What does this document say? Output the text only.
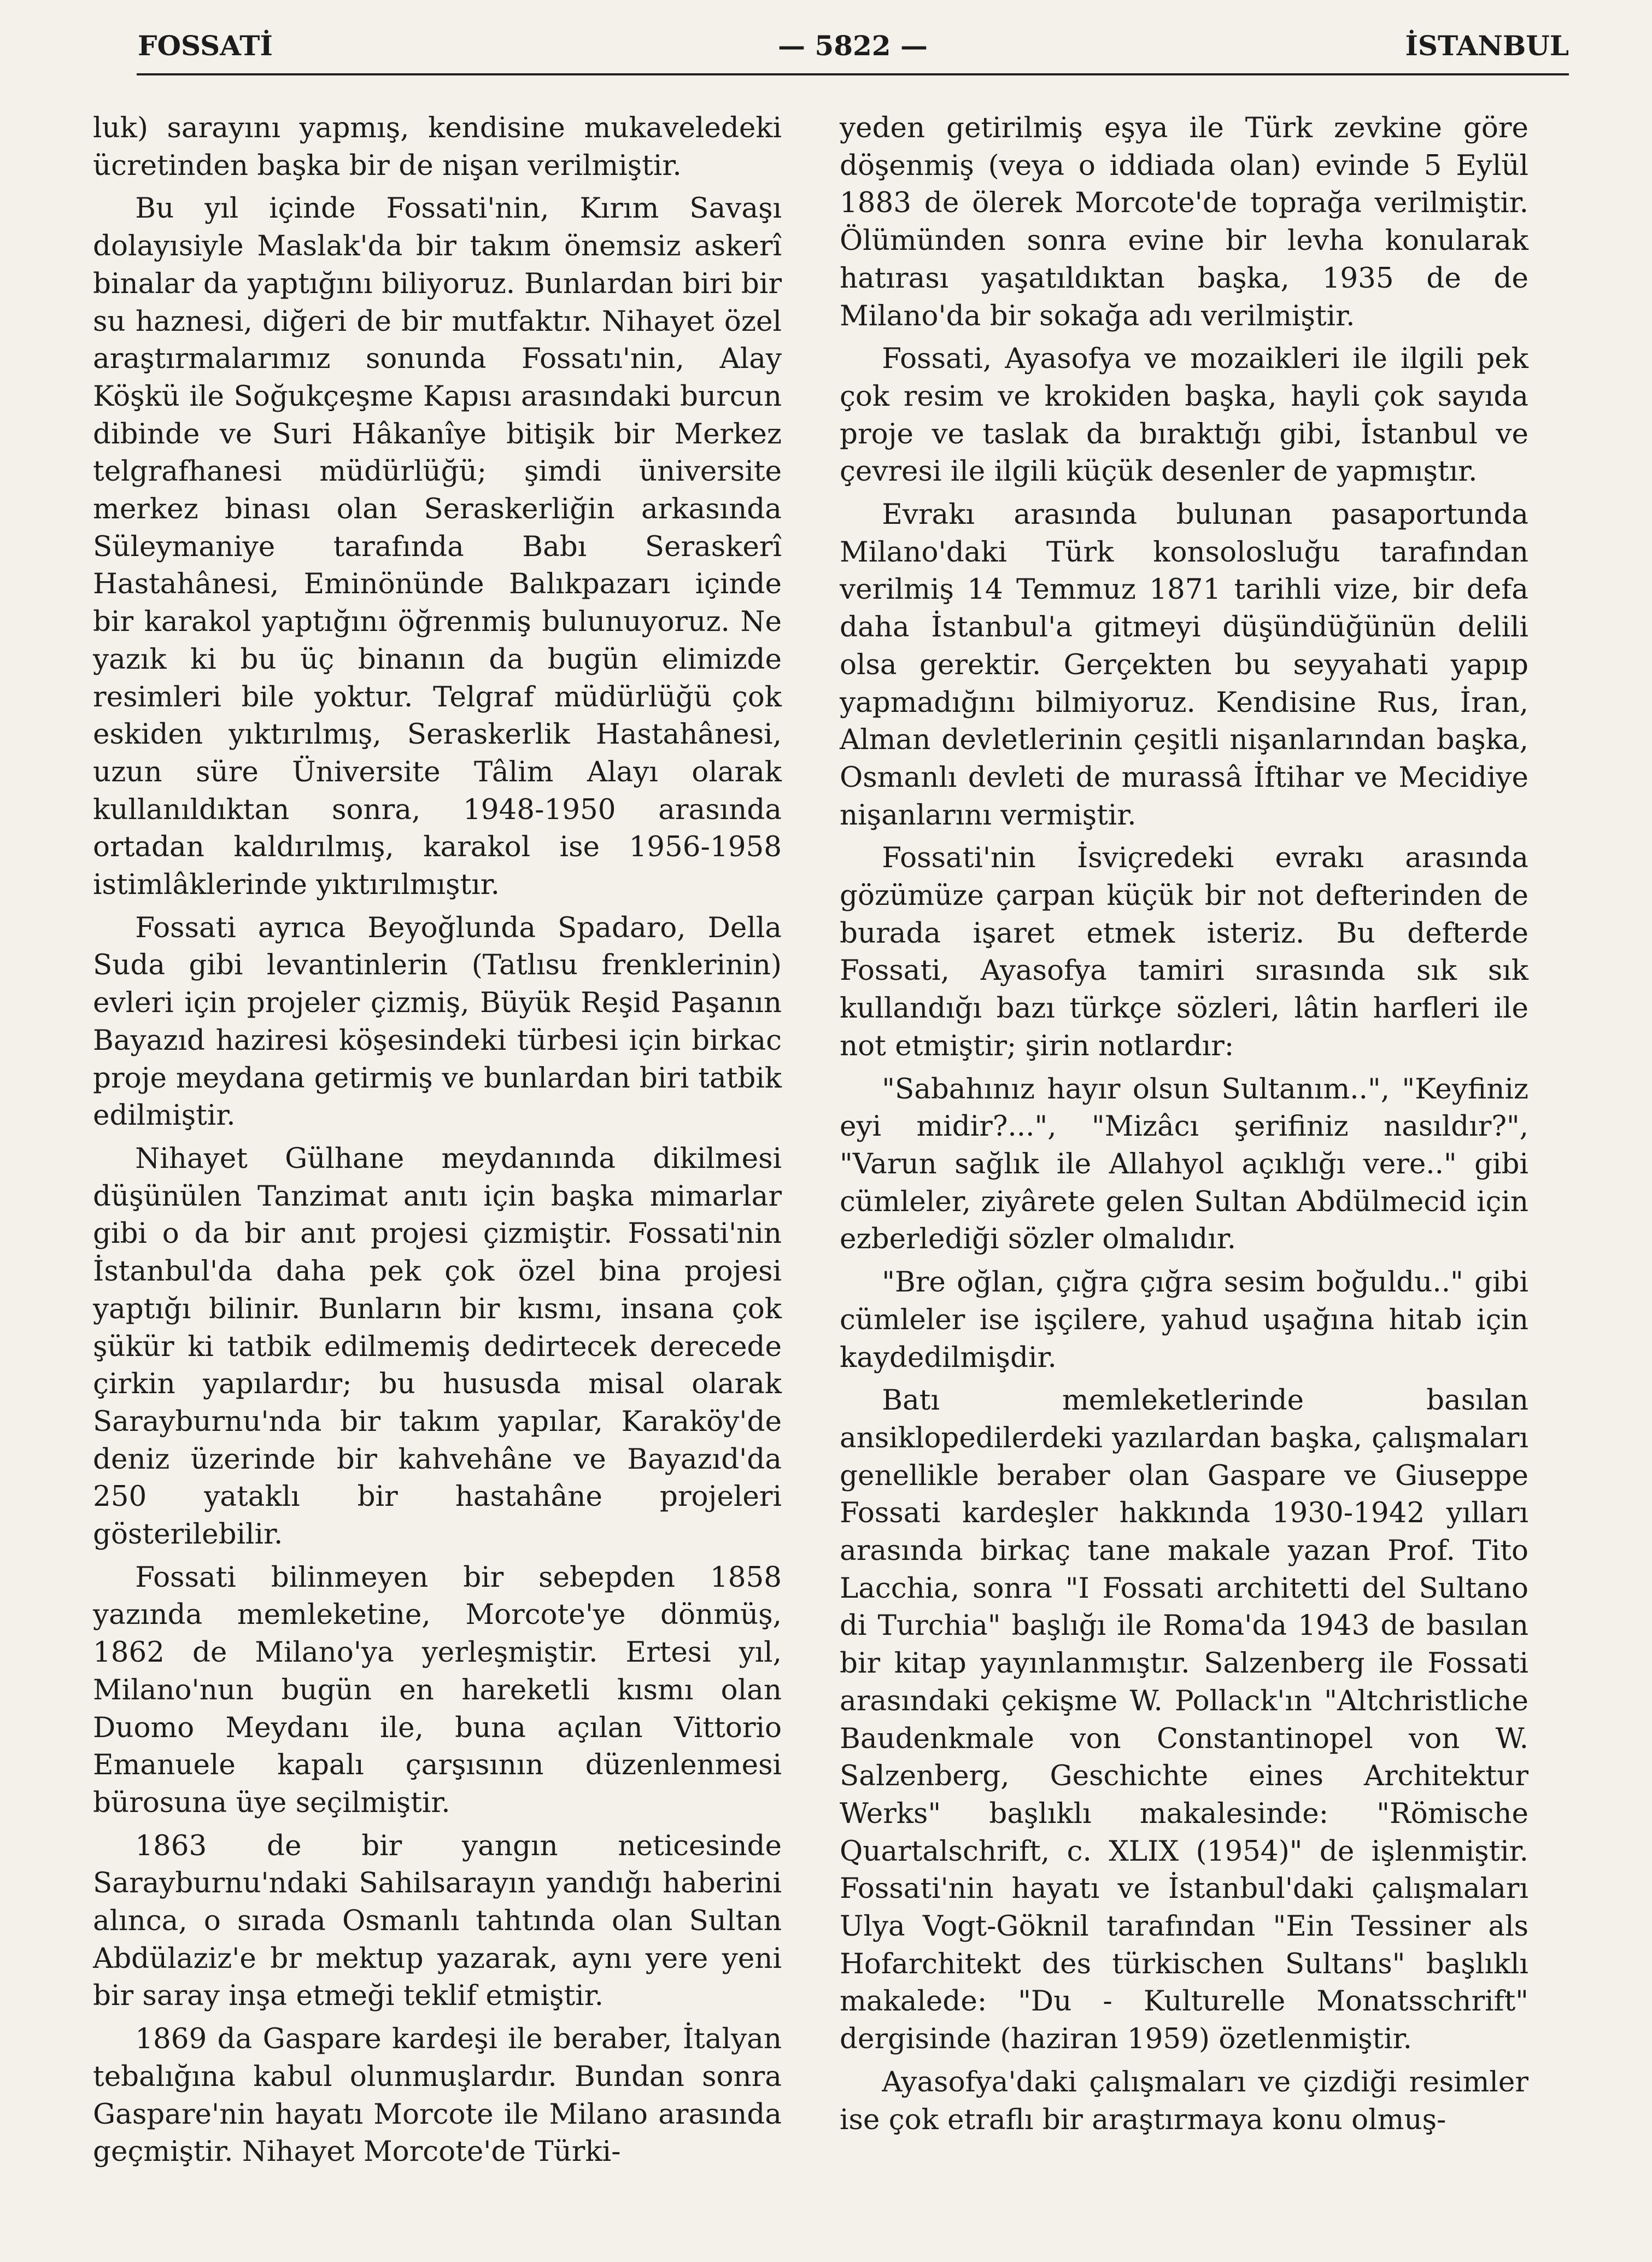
FOSSATİ	— 5822 —	İSTANBUL

luk) sarayını yapmış, kendisine mukaveledeki ücretinden başka bir de nişan verilmiştir.

Bu yıl içinde Fossati'nin, Kırım Savaşı dolayısiyle Maslak'da bir takım önemsiz askerî binalar da yaptığını biliyoruz. Bunlardan biri bir su haznesi, diğeri de bir mutfaktır. Nihayet özel araştırmalarımız sonunda Fossatı'nin, Alay Köşkü ile Soğukçeşme Kapısı arasındaki burcun dibinde ve Suri Hâkanîye bitişik bir Merkez telgrafhanesi müdürlüğü; şimdi üniversite merkez binası olan Seraskerliğin arkasında Süleymaniye tarafında Babı Seraskerî Hastahânesi, Eminönünde Balıkpazarı içinde bir karakol yaptığını öğrenmiş bulunuyoruz. Ne yazık ki bu üç binanın da bugün elimizde resimleri bile yoktur. Telgraf müdürlüğü çok eskiden yıktırılmış, Seraskerlik Hastahânesi, uzun süre Üniversite Tâlim Alayı olarak kullanıldıktan sonra, 1948-1950 arasında ortadan kaldırılmış, karakol ise 1956-1958 istimlâklerinde yıktırılmıştır.

Fossati ayrıca Beyoğlunda Spadaro, Della Suda gibi levantinlerin (Tatlısu frenklerinin) evleri için projeler çizmiş, Büyük Reşid Paşanın Bayazıd haziresi köşesindeki türbesi için birkac proje meydana getirmiş ve bunlardan biri tatbik edilmiştir.

Nihayet Gülhane meydanında dikilmesi düşünülen Tanzimat anıtı için başka mimarlar gibi o da bir anıt projesi çizmiştir. Fossati'nin İstanbul'da daha pek çok özel bina projesi yaptığı bilinir. Bunların bir kısmı, insana çok şükür ki tatbik edilmemiş dedirtecek derecede çirkin yapılardır; bu hususda misal olarak Sarayburnu'nda bir takım yapılar, Karaköy'de deniz üzerinde bir kahvehâne ve Bayazıd'da 250 yataklı bir hastahâne projeleri gösterilebilir.

Fossati bilinmeyen bir sebepden 1858 yazında memleketine, Morcote'ye dönmüş, 1862 de Milano'ya yerleşmiştir. Ertesi yıl, Milano'nun bugün en hareketli kısmı olan Duomo Meydanı ile, buna açılan Vittorio Emanuele kapalı çarşısının düzenlenmesi bürosuna üye seçilmiştir.

1863 de bir yangın neticesinde Sarayburnu'ndaki Sahilsarayın yandığı haberini alınca, o sırada Osmanlı tahtında olan Sultan Abdülaziz'e br mektup yazarak, aynı yere yeni bir saray inşa etmeği teklif etmiştir.

1869 da Gaspare kardeşi ile beraber, İtalyan tebalığına kabul olunmuşlardır. Bundan sonra Gaspare'nin hayatı Morcote ile Milano arasında geçmiştir. Nihayet Morcote'de Türki-

yeden getirilmiş eşya ile Türk zevkine göre döşenmiş (veya o iddiada olan) evinde 5 Eylül 1883 de ölerek Morcote'de toprağa verilmiştir. Ölümünden sonra evine bir levha konularak hatırası yaşatıldıktan başka, 1935 de de Milano'da bir sokağa adı verilmiştir.

Fossati, Ayasofya ve mozaikleri ile ilgili pek çok resim ve krokiden başka, hayli çok sayıda proje ve taslak da bıraktığı gibi, İstanbul ve çevresi ile ilgili küçük desenler de yapmıştır.

Evrakı arasında bulunan pasaportunda Milano'daki Türk konsolosluğu tarafından verilmiş 14 Temmuz 1871 tarihli vize, bir defa daha İstanbul'a gitmeyi düşündüğünün delili olsa gerektir. Gerçekten bu seyyahati yapıp yapmadığını bilmiyoruz. Kendisine Rus, İran, Alman devletlerinin çeşitli nişanlarından başka, Osmanlı devleti de murassâ İftihar ve Mecidiye nişanlarını vermiştir.

Fossati'nin İsviçredeki evrakı arasında gözümüze çarpan küçük bir not defterinden de burada işaret etmek isteriz. Bu defterde Fossati, Ayasofya tamiri sırasında sık sık kullandığı bazı türkçe sözleri, lâtin harfleri ile not etmiştir; şirin notlardır:

"Sabahınız hayır olsun Sultanım..", "Keyfiniz eyi midir?...", "Mizâcı şerifiniz nasıldır?", "Varun sağlık ile Allahyol açıklığı vere.." gibi cümleler, ziyârete gelen Sultan Abdülmecid için ezberlediği sözler olmalıdır.

"Bre oğlan, çığra çığra sesim boğuldu.." gibi cümleler ise işçilere, yahud uşağına hitab için kaydedilmişdir.

Batı memleketlerinde basılan ansiklopedilerdeki yazılardan başka, çalışmaları genellikle beraber olan Gaspare ve Giuseppe Fossati kardeşler hakkında 1930-1942 yılları arasında birkaç tane makale yazan Prof. Tito Lacchia, sonra "I Fossati architetti del Sultano di Turchia" başlığı ile Roma'da 1943 de basılan bir kitap yayınlanmıştır. Salzenberg ile Fossati arasındaki çekişme W. Pollack'ın "Altchristliche Baudenkmale von Constantinopel von W. Salzenberg, Geschichte eines Architektur Werks" başlıklı makalesinde: "Römische Quartalschrift, c. XLIX (1954)" de işlenmiştir. Fossati'nin hayatı ve İstanbul'daki çalışmaları Ulya Vogt-Göknil tarafından "Ein Tessiner als Hofarchitekt des türkischen Sultans" başlıklı makalede: "Du - Kulturelle Monatsschrift" dergisinde (haziran 1959) özetlenmiştir.

Ayasofya'daki çalışmaları ve çizdiği resimler ise çok etraflı bir araştırmaya konu olmuş-
